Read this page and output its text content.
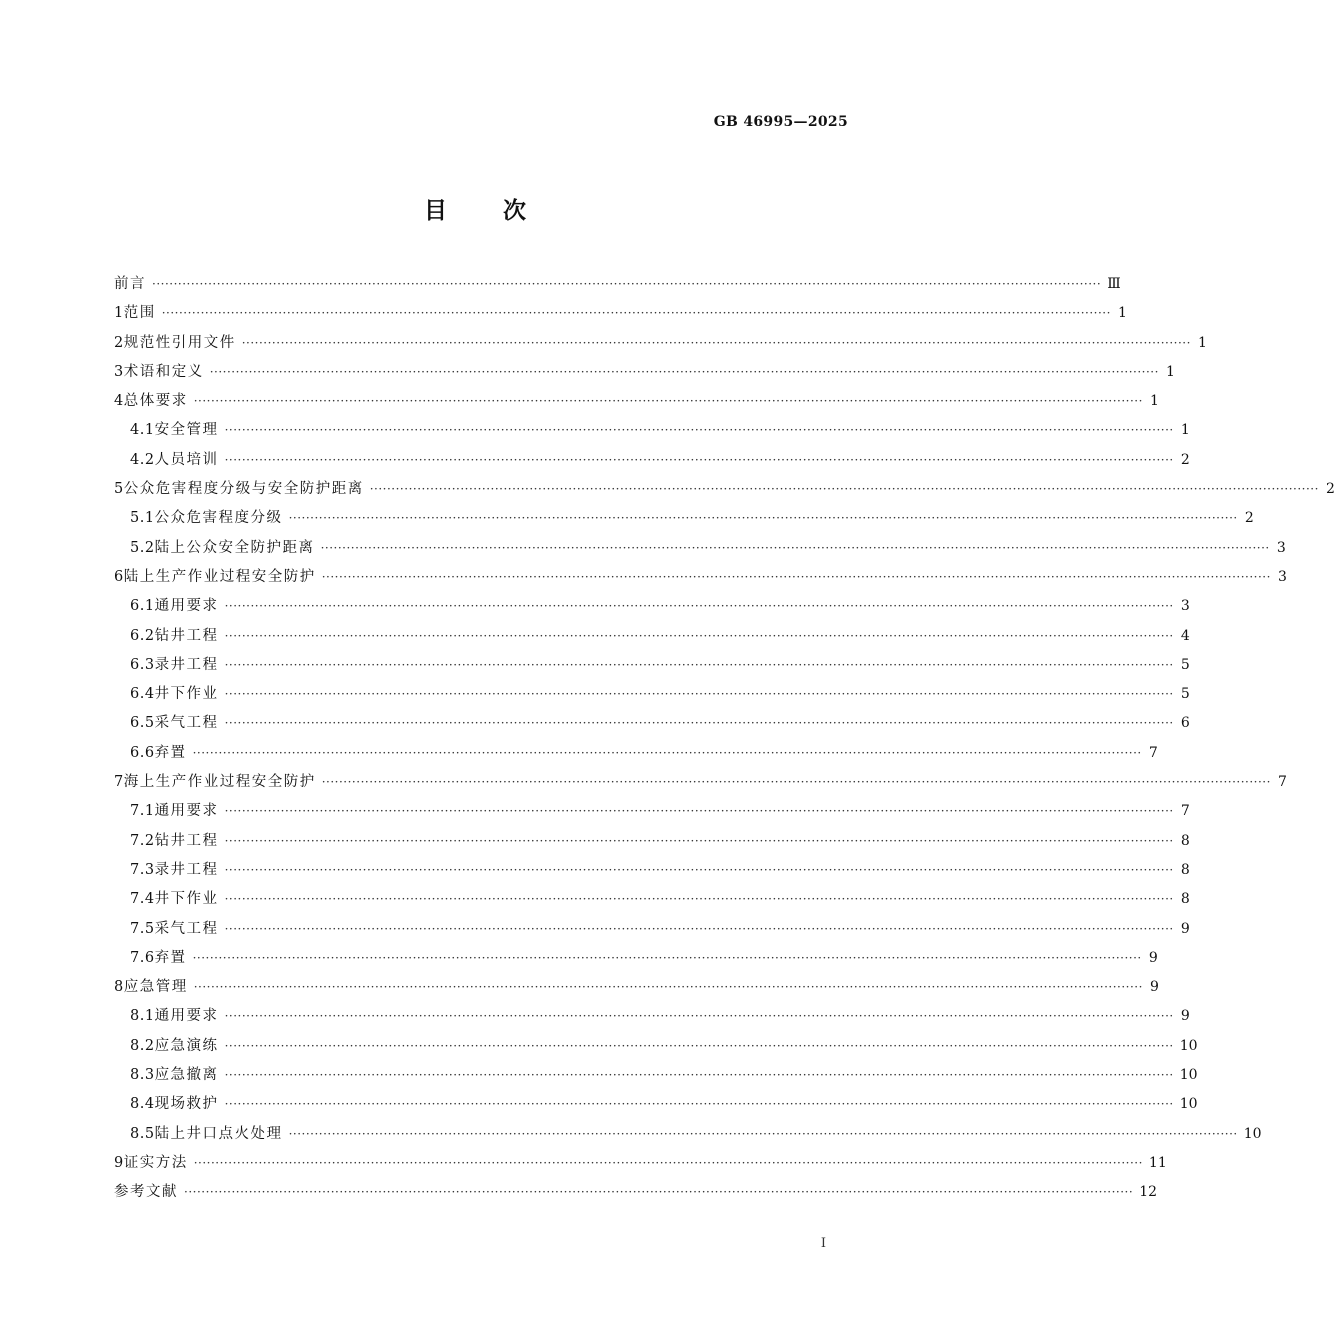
GB 46995—2025
目 次
前言 ···························································································································································································································· Ⅲ
1 范围 ···························································································································································································································· 1
2 规范性引用文件 ···························································································································································································································· 1
3 术语和定义 ···························································································································································································································· 1
4 总体要求 ···························································································································································································································· 1
4.1 安全管理 ···························································································································································································································· 1
4.2 人员培训 ···························································································································································································································· 2
5 公众危害程度分级与安全防护距离 ···························································································································································································································· 2
5.1 公众危害程度分级 ···························································································································································································································· 2
5.2 陆上公众安全防护距离 ···························································································································································································································· 3
6 陆上生产作业过程安全防护 ···························································································································································································································· 3
6.1 通用要求 ···························································································································································································································· 3
6.2 钻井工程 ···························································································································································································································· 4
6.3 录井工程 ···························································································································································································································· 5
6.4 井下作业 ···························································································································································································································· 5
6.5 采气工程 ···························································································································································································································· 6
6.6 弃置 ···························································································································································································································· 7
7 海上生产作业过程安全防护 ···························································································································································································································· 7
7.1 通用要求 ···························································································································································································································· 7
7.2 钻井工程 ···························································································································································································································· 8
7.3 录井工程 ···························································································································································································································· 8
7.4 井下作业 ···························································································································································································································· 8
7.5 采气工程 ···························································································································································································································· 9
7.6 弃置 ···························································································································································································································· 9
8 应急管理 ···························································································································································································································· 9
8.1 通用要求 ···························································································································································································································· 9
8.2 应急演练 ···························································································································································································································· 10
8.3 应急撤离 ···························································································································································································································· 10
8.4 现场救护 ···························································································································································································································· 10
8.5 陆上井口点火处理 ···························································································································································································································· 10
9 证实方法 ···························································································································································································································· 11
参考文献 ···························································································································································································································· 12
I
